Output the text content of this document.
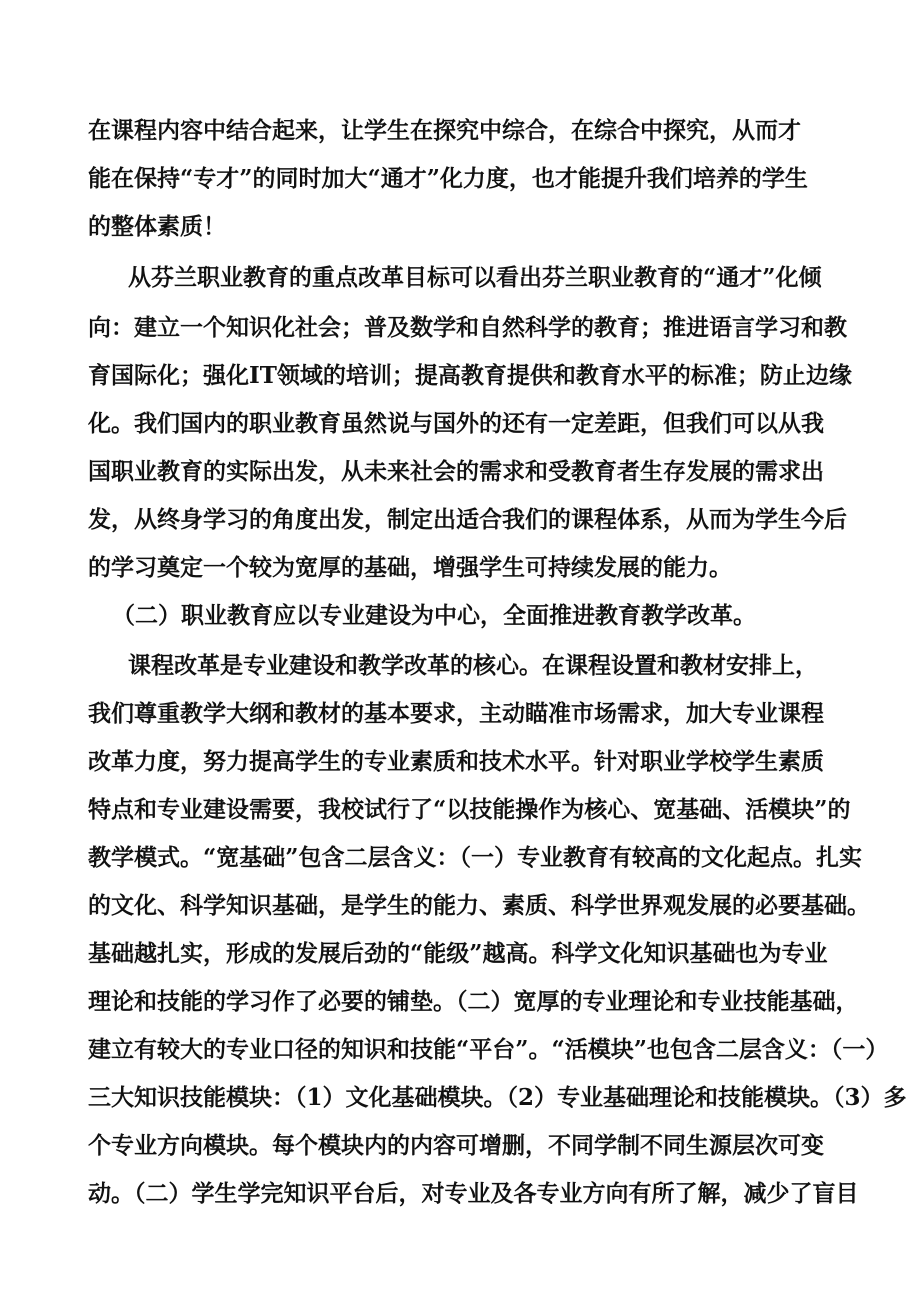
在课程内容中结合起来，让学生在探究中综合，在综合中探究，从而才
能在保持“专才”的同时加大“通才”化力度，也才能提升我们培养的学生
的整体素质！
从芬兰职业教育的重点改革目标可以看出芬兰职业教育的“通才”化倾
向：建立一个知识化社会；普及数学和自然科学的教育；推进语言学习和教
育国际化；强化IT领域的培训；提高教育提供和教育水平的标准；防止边缘
化。我们国内的职业教育虽然说与国外的还有一定差距，但我们可以从我
国职业教育的实际出发，从未来社会的需求和受教育者生存发展的需求出
发，从终身学习的角度出发，制定出适合我们的课程体系，从而为学生今后
的学习奠定一个较为宽厚的基础，增强学生可持续发展的能力。
（二）职业教育应以专业建设为中心，全面推进教育教学改革。
课程改革是专业建设和教学改革的核心。在课程设置和教材安排上，
我们尊重教学大纲和教材的基本要求，主动瞄准市场需求，加大专业课程
改革力度，努力提高学生的专业素质和技术水平。针对职业学校学生素质
特点和专业建设需要，我校试行了“以技能操作为核心、宽基础、活模块”的
教学模式。“宽基础”包含二层含义：（一）专业教育有较高的文化起点。扎实
的文化、科学知识基础，是学生的能力、素质、科学世界观发展的必要基础。
基础越扎实，形成的发展后劲的“能级”越高。科学文化知识基础也为专业
理论和技能的学习作了必要的铺垫。（二）宽厚的专业理论和专业技能基础，
建立有较大的专业口径的知识和技能“平台”。“活模块”也包含二层含义：（一）
三大知识技能模块：（1）文化基础模块。（2）专业基础理论和技能模块。（3）多
个专业方向模块。每个模块内的内容可增删，不同学制不同生源层次可变
动。（二）学生学完知识平台后，对专业及各专业方向有所了解，减少了盲目
